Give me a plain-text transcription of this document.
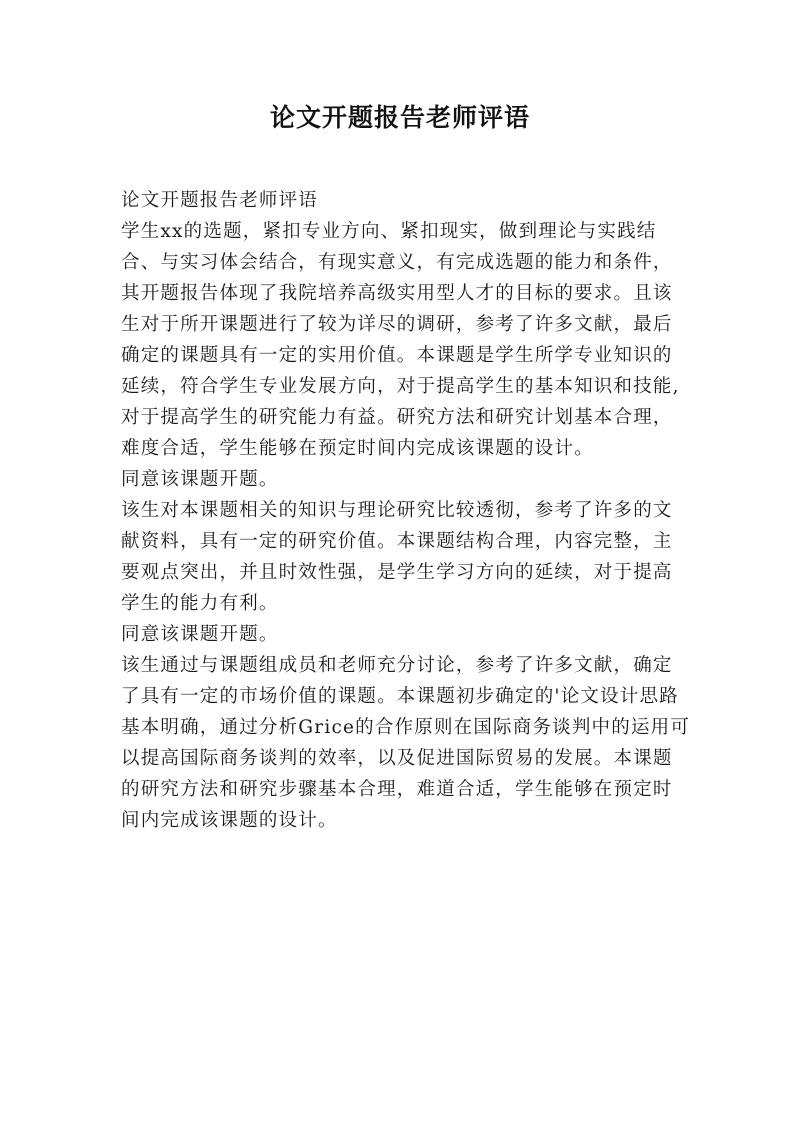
论文开题报告老师评语

论文开题报告老师评语

学生xx的选题，紧扣专业方向、紧扣现实，做到理论与实践结合、与实习体会结合，有现实意义，有完成选题的能力和条件，其开题报告体现了我院培养高级实用型人才的目标的要求。且该生对于所开课题进行了较为详尽的调研，参考了许多文献，最后确定的课题具有一定的实用价值。本课题是学生所学专业知识的延续，符合学生专业发展方向，对于提高学生的基本知识和技能,对于提高学生的研究能力有益。研究方法和研究计划基本合理，难度合适，学生能够在预定时间内完成该课题的设计。

同意该课题开题。

该生对本课题相关的知识与理论研究比较透彻，参考了许多的文献资料，具有一定的研究价值。本课题结构合理，内容完整，主要观点突出，并且时效性强，是学生学习方向的延续，对于提高学生的能力有利。

同意该课题开题。

该生通过与课题组成员和老师充分讨论，参考了许多文献，确定了具有一定的市场价值的课题。本课题初步确定的'论文设计思路基本明确，通过分析Grice的合作原则在国际商务谈判中的运用可以提高国际商务谈判的效率，以及促进国际贸易的发展。本课题的研究方法和研究步骤基本合理，难道合适，学生能够在预定时间内完成该课题的设计。
